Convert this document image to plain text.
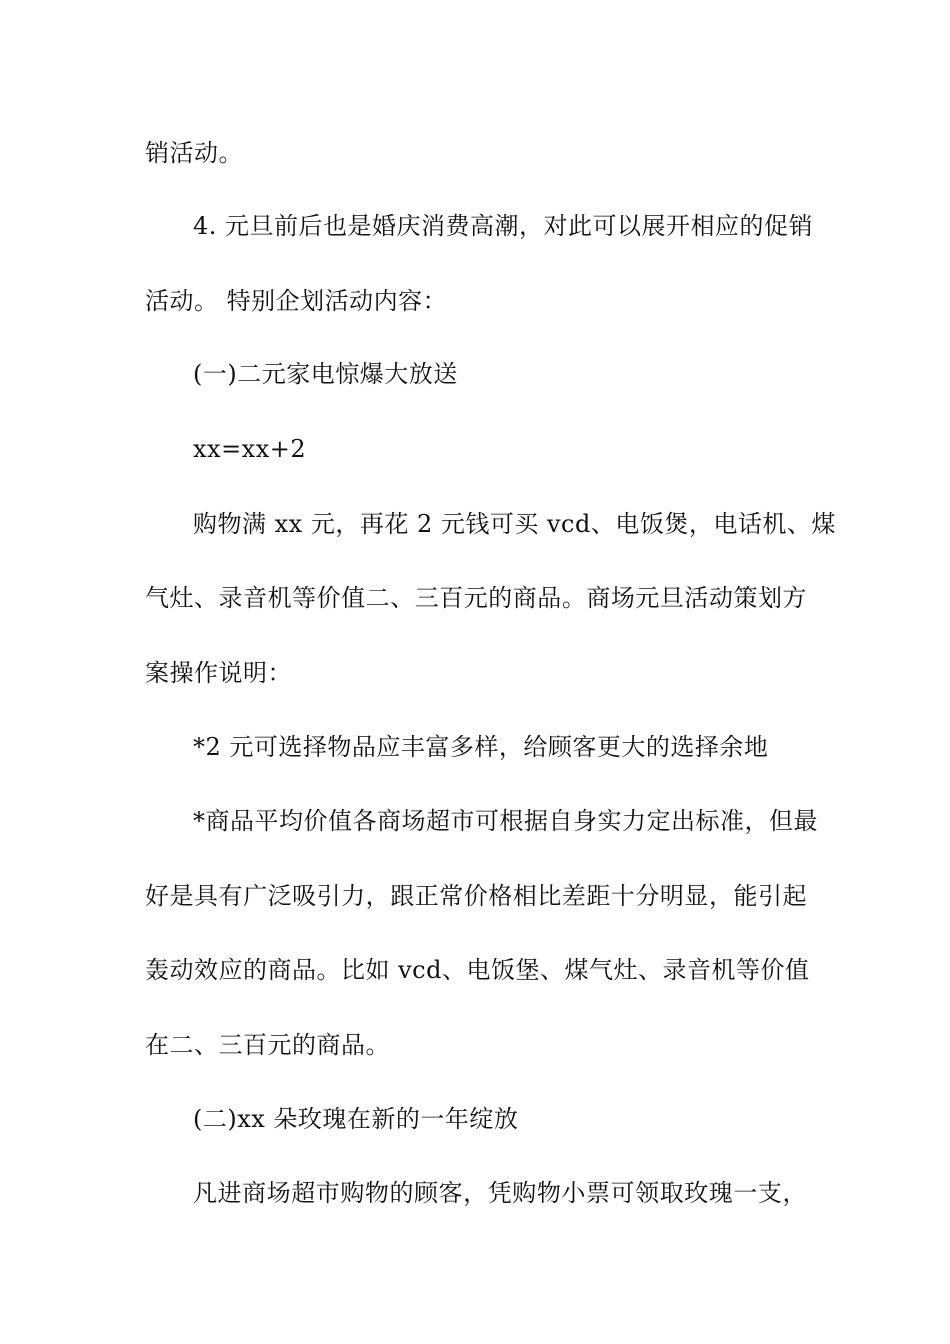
销活动。
4. 元旦前后也是婚庆消费高潮，对此可以展开相应的促销
活动。 特别企划活动内容：
(一)二元家电惊爆大放送
xx=xx+2
购物满 xx 元，再花 2 元钱可买 vcd、电饭煲，电话机、煤
气灶、录音机等价值二、三百元的商品。商场元旦活动策划方
案操作说明：
*2 元可选择物品应丰富多样，给顾客更大的选择余地
*商品平均价值各商场超市可根据自身实力定出标准，但最
好是具有广泛吸引力，跟正常价格相比差距十分明显，能引起
轰动效应的商品。比如 vcd、电饭堡、煤气灶、录音机等价值
在二、三百元的商品。
(二)xx 朵玫瑰在新的一年绽放
凡进商场超市购物的顾客，凭购物小票可领取玫瑰一支，
